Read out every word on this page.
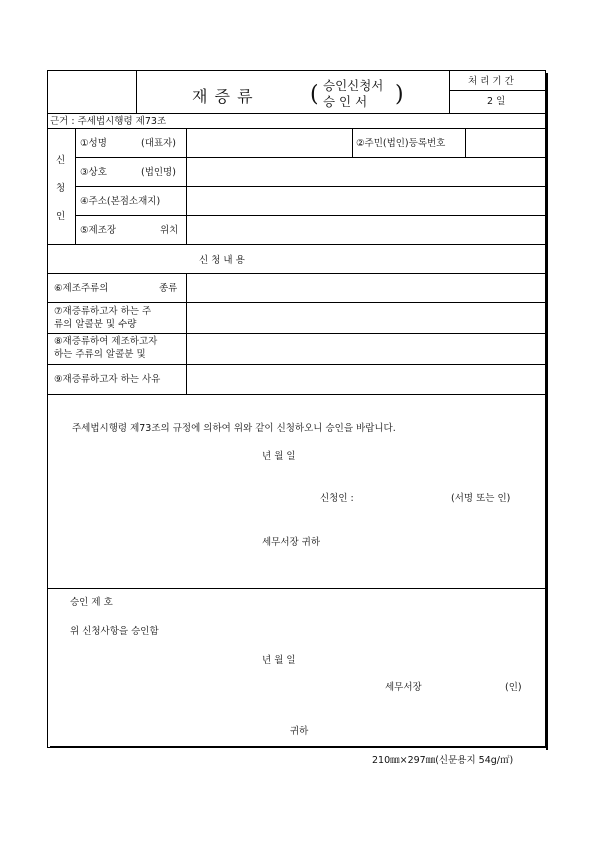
재 증 류	( 승인신청서
승 인 서 )
처 리 기 간
2 일
근거 : 주세법시행령 제73조
신
청
인
①성명	(대표자)	②주민(법인)등록번호
③상호	(법인명)
④주소(본점소재지)
⑤제조장	위치
신 청 내 용
⑥제조주류의	종류
⑦재증류하고자 하는 주
류의 알콜분 및 수량
⑧재증류하여 제조하고자
하는 주류의 알콜분 및
⑨재증류하고자 하는 사유
주세법시행령 제73조의 규정에 의하여 위와 같이 신청하오니 승인을 바랍니다.
년 월 일
신청인 :	(서명 또는 인)
세무서장 귀하
승인 제 호
위 신청사항을 승인함
년 월 일
세무서장	(인)
귀하
210㎜×297㎜(신문용지 54g/㎡)
